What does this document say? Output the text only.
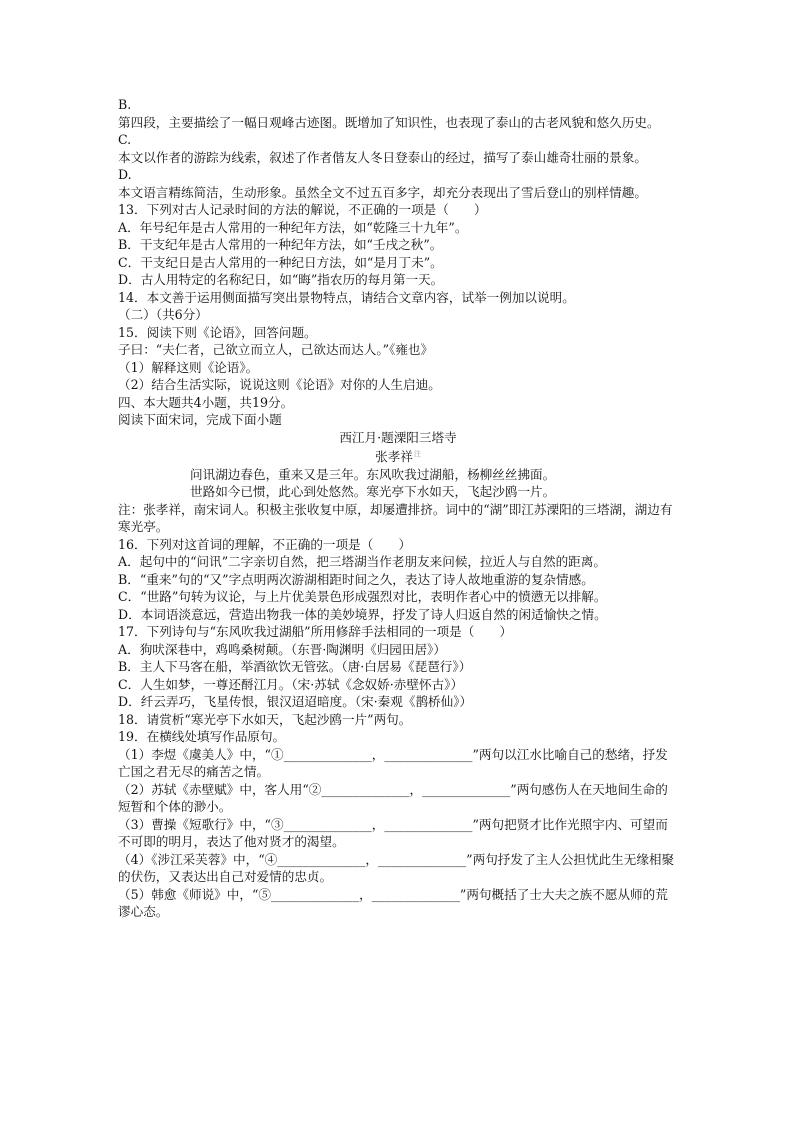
B.

第四段，主要描绘了一幅日观峰古迹图。既增加了知识性，也表现了泰山的古老风貌和悠久历史。

C.

本文以作者的游踪为线索，叙述了作者偕友人冬日登泰山的经过，描写了泰山雄奇壮丽的景象。

D.

本文语言精练简洁，生动形象。虽然全文不过五百多字，却充分表现出了雪后登山的别样情趣。

13．下列对古人记录时间的方法的解说，不正确的一项是（　　）

A．年号纪年是古人常用的一种纪年方法，如“乾隆三十九年”。

B．干支纪年是古人常用的一种纪年方法，如“壬戌之秋”。

C．干支纪日是古人常用的一种纪日方法，如“是月丁未”。

D．古人用特定的名称纪日，如“晦”指农历的每月第一天。

14．本文善于运用侧面描写突出景物特点，请结合文章内容，试举一例加以说明。

（二）（共6分）

15．阅读下则《论语》，回答问题。

子曰：“夫仁者，己欲立而立人，己欲达而达人。”《雍也》

（1）解释这则《论语》。

（2）结合生活实际，说说这则《论语》对你的人生启迪。

四、本大题共4小题，共19分。

阅读下面宋词，完成下面小题

西江月·题溧阳三塔寺

张孝祥$^注$

问讯湖边春色，重来又是三年。东风吹我过湖船，杨柳丝丝拂面。

世路如今已惯，此心到处悠然。寒光亭下水如天，飞起沙鸥一片。

注：张孝祥，南宋词人。积极主张收复中原，却屡遭排挤。词中的“湖”即江苏溧阳的三塔湖，湖边有寒光亭。

16．下列对这首词的理解，不正确的一项是（　　）

A．起句中的“问讯”二字亲切自然，把三塔湖当作老朋友来问候，拉近人与自然的距离。

B．“重来”句的“又”字点明两次游湖相距时间之久，表达了诗人故地重游的复杂情感。

C．“世路”句转为议论，与上片优美景色形成强烈对比，表明作者心中的愤懑无以排解。

D．本词语淡意远，营造出物我一体的美妙境界，抒发了诗人归返自然的闲适愉快之情。

17．下列诗句与“东风吹我过湖船”所用修辞手法相同的一项是（　　）

A．狗吠深巷中，鸡鸣桑树颠。（东晋·陶渊明《归园田居》）

B．主人下马客在船，举酒欲饮无管弦。（唐·白居易《琵琶行》）

C．人生如梦，一尊还酹江月。（宋·苏轼《念奴娇·赤壁怀古》）

D．纤云弄巧，飞星传恨，银汉迢迢暗度。（宋·秦观《鹊桥仙》）

18．请赏析“寒光亭下水如天，飞起沙鸥一片”两句。

19．在横线处填写作品原句。

（1）李煜《虞美人》中，“①______________，______________”两句以江水比喻自己的愁绪，抒发亡国之君无尽的痛苦之情。

（2）苏轼《赤壁赋》中，客人用“②______________，______________”两句感伤人在天地间生命的短暂和个体的渺小。

（3）曹操《短歌行》中，“③______________，______________”两句把贤才比作光照宇内、可望而不可即的明月，表达了他对贤才的渴望。

（4）《涉江采芙蓉》中，“④______________，______________”两句抒发了主人公担忧此生无缘相聚的伏伤，又表达出自己对爱情的忠贞。

（5）韩愈《师说》中，“⑤______________，______________”两句概括了士大夫之族不愿从师的荒谬心态。
